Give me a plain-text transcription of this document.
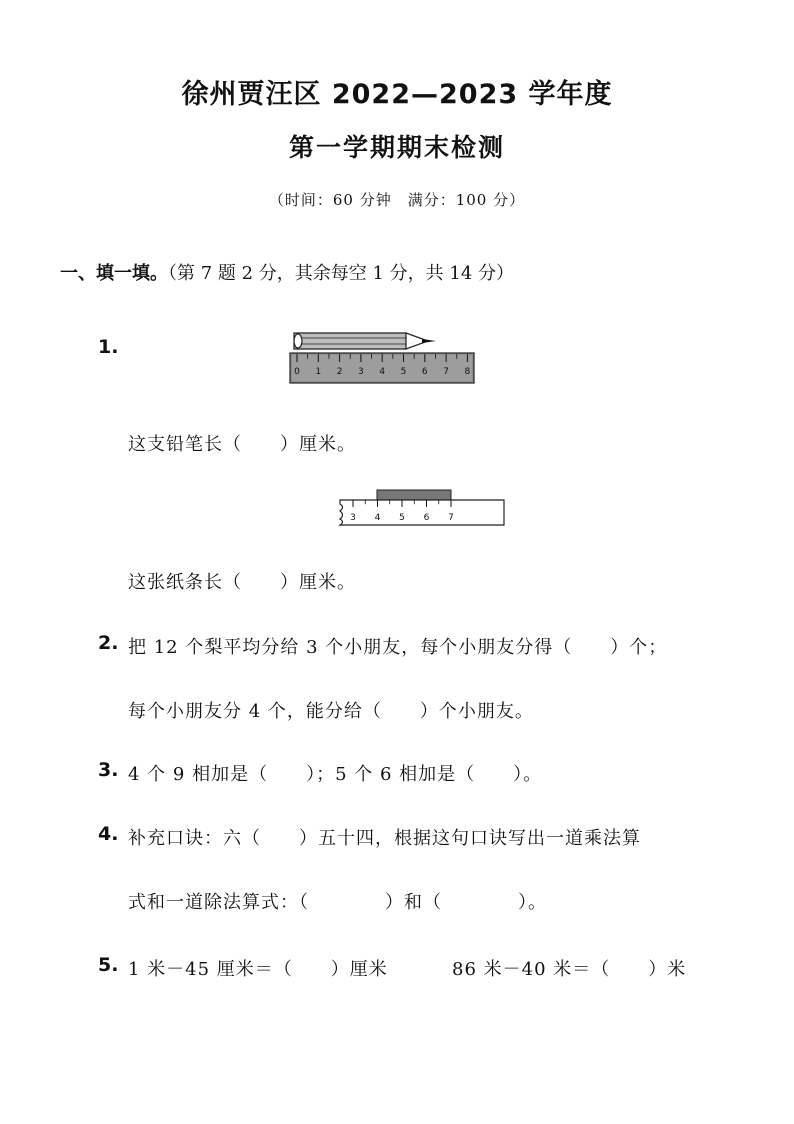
徐州贾汪区 2022—2023 学年度
第一学期期末检测
（时间：60 分钟　满分：100 分）
一、填一填。（第 7 题 2 分，其余每空 1 分，共 14 分）
1.
0 1 2 3 4 5 6 7 8
这支铅笔长（　　）厘米。
3 4 5 6 7
这张纸条长（　　）厘米。
2. 把 12 个梨平均分给 3 个小朋友，每个小朋友分得（　　）个；
每个小朋友分 4 个，能分给（　　）个小朋友。
3. 4 个 9 相加是（　　）；5 个 6 相加是（　　）。
4. 补充口诀：六（　　）五十四，根据这句口诀写出一道乘法算
式和一道除法算式：（　　　　）和（　　　　）。
5. 1 米－45 厘米＝（　　）厘米	86 米－40 米＝（　　）米
